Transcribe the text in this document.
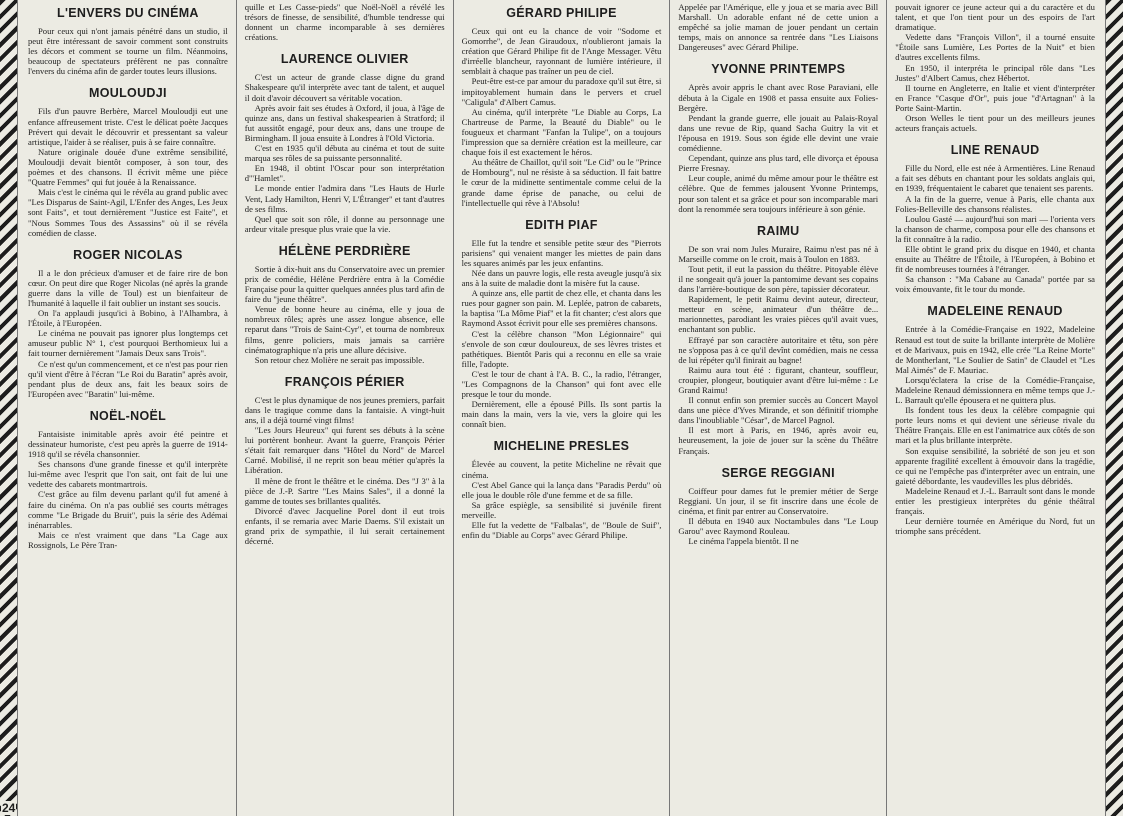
24
L'ENVERS DU CINÉMA

Pour ceux qui n'ont jamais pénétré dans un studio, il peut être intéressant de savoir comment sont construits les décors et comment se tourne un film. Néanmoins, beaucoup de spectateurs préfèrent ne pas connaître l'envers du cinéma afin de garder toutes leurs illusions.

MOULOUDJI

Fils d'un pauvre Berbère, Marcel Mouloudji eut une enfance affreusement triste. C'est le délicat poète Jacques Prévert qui devait le découvrir et pressentant sa valeur artistique, l'aider à se réaliser, puis à se faire connaître.

Nature originale douée d'une extrême sensibilité, Mouloudji devait bientôt composer, à son tour, des poèmes et des chansons. Il écrivit même une pièce "Quatre Femmes" qui fut jouée à la Renaissance.

Mais c'est le cinéma qui le révéla au grand public avec "Les Disparus de Saint-Agil, L'Enfer des Anges, Les Jeux sont Faits", et tout dernièrement "Justice est Faite", et "Nous Sommes Tous des Assassins" où il se révéla comédien de classe.

ROGER NICOLAS

Il a le don précieux d'amuser et de faire rire de bon cœur. On peut dire que Roger Nicolas (né après la grande guerre dans la ville de Toul) est un bienfaiteur de l'humanité à laquelle il fait oublier un instant ses soucis.

On l'a applaudi jusqu'ici à Bobino, à l'Alhambra, à l'Étoile, à l'Européen.

Le cinéma ne pouvait pas ignorer plus longtemps cet amuseur public N° 1, c'est pourquoi Berthomieux lui a fait tourner dernièrement "Jamais Deux sans Trois".

Ce n'est qu'un commencement, et ce n'est pas pour rien qu'il vient d'être à l'écran "Le Roi du Baratin" après avoir, pendant plus de deux ans, fait les beaux soirs de l'Européen avec "Baratin" lui-même.

NOËL-NOËL

Fantaisiste inimitable après avoir été peintre et dessinateur humoriste, c'est peu après la guerre de 1914-1918 qu'il se révéla chansonnier.

Ses chansons d'une grande finesse et qu'il interprète lui-même avec l'esprit que l'on sait, ont fait de lui une vedette des cabarets montmartrois.

C'est grâce au film devenu parlant qu'il fut amené à faire du cinéma. On n'a pas oublié ses courts métrages comme "Le Brigade du Bruit", puis la série des Adémai inénarrables.

Mais ce n'est vraiment que dans "La Cage aux Rossignols, Le Père Tran-

quille et Les Casse-pieds" que Noël-Noël a révélé les trésors de finesse, de sensibilité, d'humble tendresse qui donnent un charme incomparable à ses dernières créations.

LAURENCE OLIVIER

C'est un acteur de grande classe digne du grand Shakespeare qu'il interprète avec tant de talent, et auquel il doit d'avoir découvert sa véritable vocation.

Après avoir fait ses études à Oxford, il joua, à l'âge de quinze ans, dans un festival shakespearien à Stratford; il fut aussitôt engagé, pour deux ans, dans une troupe de Birmingham. Il joua ensuite à Londres à l'Old Victoria.

C'est en 1935 qu'il débuta au cinéma et tout de suite marqua ses rôles de sa puissante personnalité.

En 1948, il obtint l'Oscar pour son interprétation d'"Hamlet".

Le monde entier l'admira dans "Les Hauts de Hurle Vent, Lady Hamilton, Henri V, L'Étranger" et tant d'autres de ses films.

Quel que soit son rôle, il donne au personnage une ardeur vitale presque plus vraie que la vie.

HÉLÈNE PERDRIÈRE

Sortie à dix-huit ans du Conservatoire avec un premier prix de comédie, Hélène Perdrière entra à la Comédie Française pour la quitter quelques années plus tard afin de faire du "jeune théâtre".

Venue de bonne heure au cinéma, elle y joua de nombreux rôles; après une assez longue absence, elle reparut dans "Trois de Saint-Cyr", et tourna de nombreux films, genre policiers, mais jamais sa carrière cinématographique n'a pris une allure décisive.

Son retour chez Molière ne serait pas impossible.

FRANÇOIS PÉRIER

C'est le plus dynamique de nos jeunes premiers, parfait dans le tragique comme dans la fantaisie. A vingt-huit ans, il a déjà tourné vingt films!

"Les Jours Heureux" qui furent ses débuts à la scène lui portèrent bonheur. Avant la guerre, François Périer s'était fait remarquer dans "Hôtel du Nord" de Marcel Carné. Mobilisé, il ne reprit son beau métier qu'après la Libération.

Il mène de front le théâtre et le cinéma. Des "J 3" à la pièce de J.-P. Sartre "Les Mains Sales", il a donné la gamme de toutes ses brillantes qualités.

Divorcé d'avec Jacqueline Porel dont il eut trois enfants, il se remaria avec Marie Daems. S'il existait un grand prix de sympathie, il lui serait certainement décerné.

GÉRARD PHILIPE

Ceux qui ont eu la chance de voir "Sodome et Gomorrhe", de Jean Giraudoux, n'oublieront jamais la création que Gérard Philipe fit de l'Ange Messager. Vêtu d'irréelle blancheur, rayonnant de lumière intérieure, il semblait à chaque pas traîner un peu de ciel.

Peut-être est-ce par amour du paradoxe qu'il sut être, si impitoyablement humain dans le pervers et cruel "Caligula" d'Albert Camus.

Au cinéma, qu'il interprète "Le Diable au Corps, La Chartreuse de Parme, la Beauté du Diable" ou le fougueux et charmant "Fanfan la Tulipe", on a toujours l'impression que sa dernière création est la meilleure, car chaque fois il est exactement le héros.

Au théâtre de Chaillot, qu'il soit "Le Cid" ou le "Prince de Hombourg", nul ne résiste à sa séduction. Il fait battre le cœur de la midinette sentimentale comme celui de la grande dame éprise de panache, ou celui de l'intellectuelle qui rêve à l'Absolu!

EDITH PIAF

Elle fut la tendre et sensible petite sœur des "Pierrots parisiens" qui venaient manger les miettes de pain dans les squares animés par les jeux enfantins.

Née dans un pauvre logis, elle resta aveugle jusqu'à six ans à la suite de maladie dont la misère fut la cause.

A quinze ans, elle partit de chez elle, et chanta dans les rues pour gagner son pain. M. Leplée, patron de cabarets, la baptisa "La Môme Piaf" et la fit chanter; c'est alors que Raymond Assot écrivit pour elle ses premières chansons.

C'est la célèbre chanson "Mon Légionnaire" qui s'envole de son cœur douloureux, de ses lèvres tristes et pathétiques. Bientôt Paris qui a reconnu en elle sa vraie fille, l'adopte.

C'est le tour de chant à l'A. B. C., la radio, l'étranger, "Les Compagnons de la Chanson" qui font avec elle presque le tour du monde.

Dernièrement, elle a épousé Pills. Ils sont partis la main dans la main, vers la vie, vers la gloire qui les connaît bien.

MICHELINE PRESLES

Élevée au couvent, la petite Micheline ne rêvait que cinéma.

C'est Abel Gance qui la lança dans "Paradis Perdu" où elle joua le double rôle d'une femme et de sa fille.

Sa grâce espiègle, sa sensibilité si juvénile firent merveille.

Elle fut la vedette de "Falbalas", de "Boule de Suif", enfin du "Diable au Corps" avec Gérard Philipe.

Appelée par l'Amérique, elle y joua et se maria avec Bill Marshall. Un adorable enfant né de cette union a empêché sa jolie maman de jouer pendant un certain temps, mais on annonce sa rentrée dans "Les Liaisons Dangereuses" avec Gérard Philipe.

YVONNE PRINTEMPS

Après avoir appris le chant avec Rose Paraviani, elle débuta à la Cigale en 1908 et passa ensuite aux Folies-Bergère.

Pendant la grande guerre, elle jouait au Palais-Royal dans une revue de Rip, quand Sacha Guitry la vit et l'épousa en 1919. Sous son égide elle devint une vraie comédienne.

Cependant, quinze ans plus tard, elle divorça et épousa Pierre Fresnay.

Leur couple, animé du même amour pour le théâtre est célèbre. Que de femmes jalousent Yvonne Printemps, pour son talent et sa grâce et pour son incomparable mari dont la renommée sera toujours inférieure à son génie.

RAIMU

De son vrai nom Jules Muraire, Raimu n'est pas né à Marseille comme on le croit, mais à Toulon en 1883.

Tout petit, il eut la passion du théâtre. Pitoyable élève il ne songeait qu'à jouer la pantomime devant ses copains dans l'arrière-boutique de son père, tapissier décorateur.

Rapidement, le petit Raimu devint auteur, directeur, metteur en scène, animateur d'un théâtre de... marionnettes, parodiant les vraies pièces qu'il avait vues, enchantant son public.

Effrayé par son caractère autoritaire et têtu, son père ne s'opposa pas à ce qu'il devînt comédien, mais ne cessa de lui répéter qu'il finirait au bagne!

Raimu aura tout été : figurant, chanteur, souffleur, croupier, plongeur, boutiquier avant d'être lui-même : Le Grand Raimu!

Il connut enfin son premier succès au Concert Mayol dans une pièce d'Yves Mirande, et son définitif triomphe dans l'inoubliable "César", de Marcel Pagnol.

Il est mort à Paris, en 1946, après avoir eu, heureusement, la joie de jouer sur la scène du Théâtre Français.

SERGE REGGIANI

Coiffeur pour dames fut le premier métier de Serge Reggiani. Un jour, il se fit inscrire dans une école de cinéma, et finit par entrer au Conservatoire.

Il débuta en 1940 aux Noctambules dans "Le Loup Garou" avec Raymond Rouleau.

Le cinéma l'appela bientôt. Il ne

pouvait ignorer ce jeune acteur qui a du caractère et du talent, et que l'on tient pour un des espoirs de l'art dramatique.

Vedette dans "François Villon", il a tourné ensuite "Étoile sans Lumière, Les Portes de la Nuit" et bien d'autres excellents films.

En 1950, il interpréta le principal rôle dans "Les Justes" d'Albert Camus, chez Hébertot.

Il tourne en Angleterre, en Italie et vient d'interpréter en France "Casque d'Or", puis joue "d'Artagnan" à la Porte Saint-Martin.

Orson Welles le tient pour un des meilleurs jeunes acteurs français actuels.

LINE RENAUD

Fille du Nord, elle est née à Armentières. Line Renaud a fait ses débuts en chantant pour les soldats anglais qui, en 1939, fréquentaient le cabaret que tenaient ses parents.

A la fin de la guerre, venue à Paris, elle chanta aux Folies-Belleville des chansons réalistes.

Loulou Gasté — aujourd'hui son mari — l'orienta vers la chanson de charme, composa pour elle des chansons et la fit connaître à la radio.

Elle obtint le grand prix du disque en 1940, et chanta ensuite au Théâtre de l'Étoile, à l'Européen, à Bobino et fit de nombreuses tournées à l'étranger.

Sa chanson : "Ma Cabane au Canada" portée par sa voix émouvante, fit le tour du monde.

MADELEINE RENAUD

Entrée à la Comédie-Française en 1922, Madeleine Renaud est tout de suite la brillante interprète de Molière et de Marivaux, puis en 1942, elle crée "La Reine Morte" de Montherlant, "Le Soulier de Satin" de Claudel et "Les Mal Aimés" de F. Mauriac.

Lorsqu'éclatera la crise de la Comédie-Française, Madeleine Renaud démissionnera en même temps que J.-L. Barrault qu'elle épousera et ne quittera plus.

Ils fondent tous les deux la célèbre compagnie qui porte leurs noms et qui devient une sérieuse rivale du Théâtre Français. Elle en est l'animatrice aux côtés de son mari et la plus brillante interprète.

Son exquise sensibilité, la sobriété de son jeu et son apparente fragilité excellent à émouvoir dans la tragédie, ce qui ne l'empêche pas d'interpréter avec un entrain, une gaieté débordante, les vaudevilles les plus débridés.

Madeleine Renaud et J.-L. Barrault sont dans le monde entier les prestigieux interprètes du génie théâtral français.

Leur dernière tournée en Amérique du Nord, fut un triomphe sans précédent.
